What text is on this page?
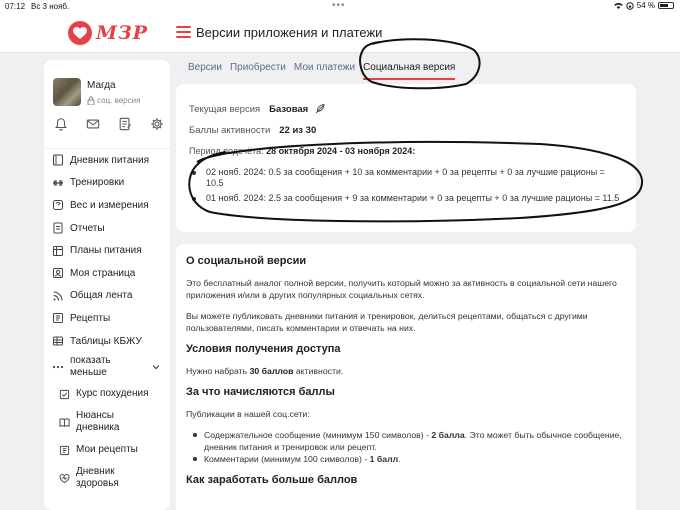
07:12 Вс 3 нояб.	•••	54 %
МЗР	Версии приложения и платежи
Магда
соц. версия
Дневник питания
Тренировки
Вес и измерения
Отчеты
Планы питания
Моя страница
Общая лента
Рецепты
Таблицы КБЖУ
показать меньше
Курс похудения
Нюансы дневника
Мои рецепты
Дневник здоровья
Версии Приобрести Мои платежи Социальная версия
Текущая версия Базовая
Баллы активности 22 из 30
Период подсчёта: 28 октября 2024 - 03 ноября 2024:
02 нояб. 2024: 0.5 за сообщения + 10 за комментарии + 0 за рецепты + 0 за лучшие рационы = 10.5
01 нояб. 2024: 2.5 за сообщения + 9 за комментарии + 0 за рецепты + 0 за лучшие рационы = 11.5
О социальной версии
Это бесплатный аналог полной версии, получить который можно за активность в социальной сети нашего приложения и/или в других популярных социальных сетях.
Вы можете публиковать дневники питания и тренировок, делиться рецептами, общаться с другими пользователями, писать комментарии и отвечать на них.
Условия получения доступа
Нужно набрать 30 баллов активности.
За что начисляются баллы
Публикации в нашей соц.сети:
Содержательное сообщение (минимум 150 символов) - 2 балла. Это может быть обычное сообщение, дневник питания и тренировок или рецепт.
Комментарии (минимум 100 символов) - 1 балл.
Как заработать больше баллов
